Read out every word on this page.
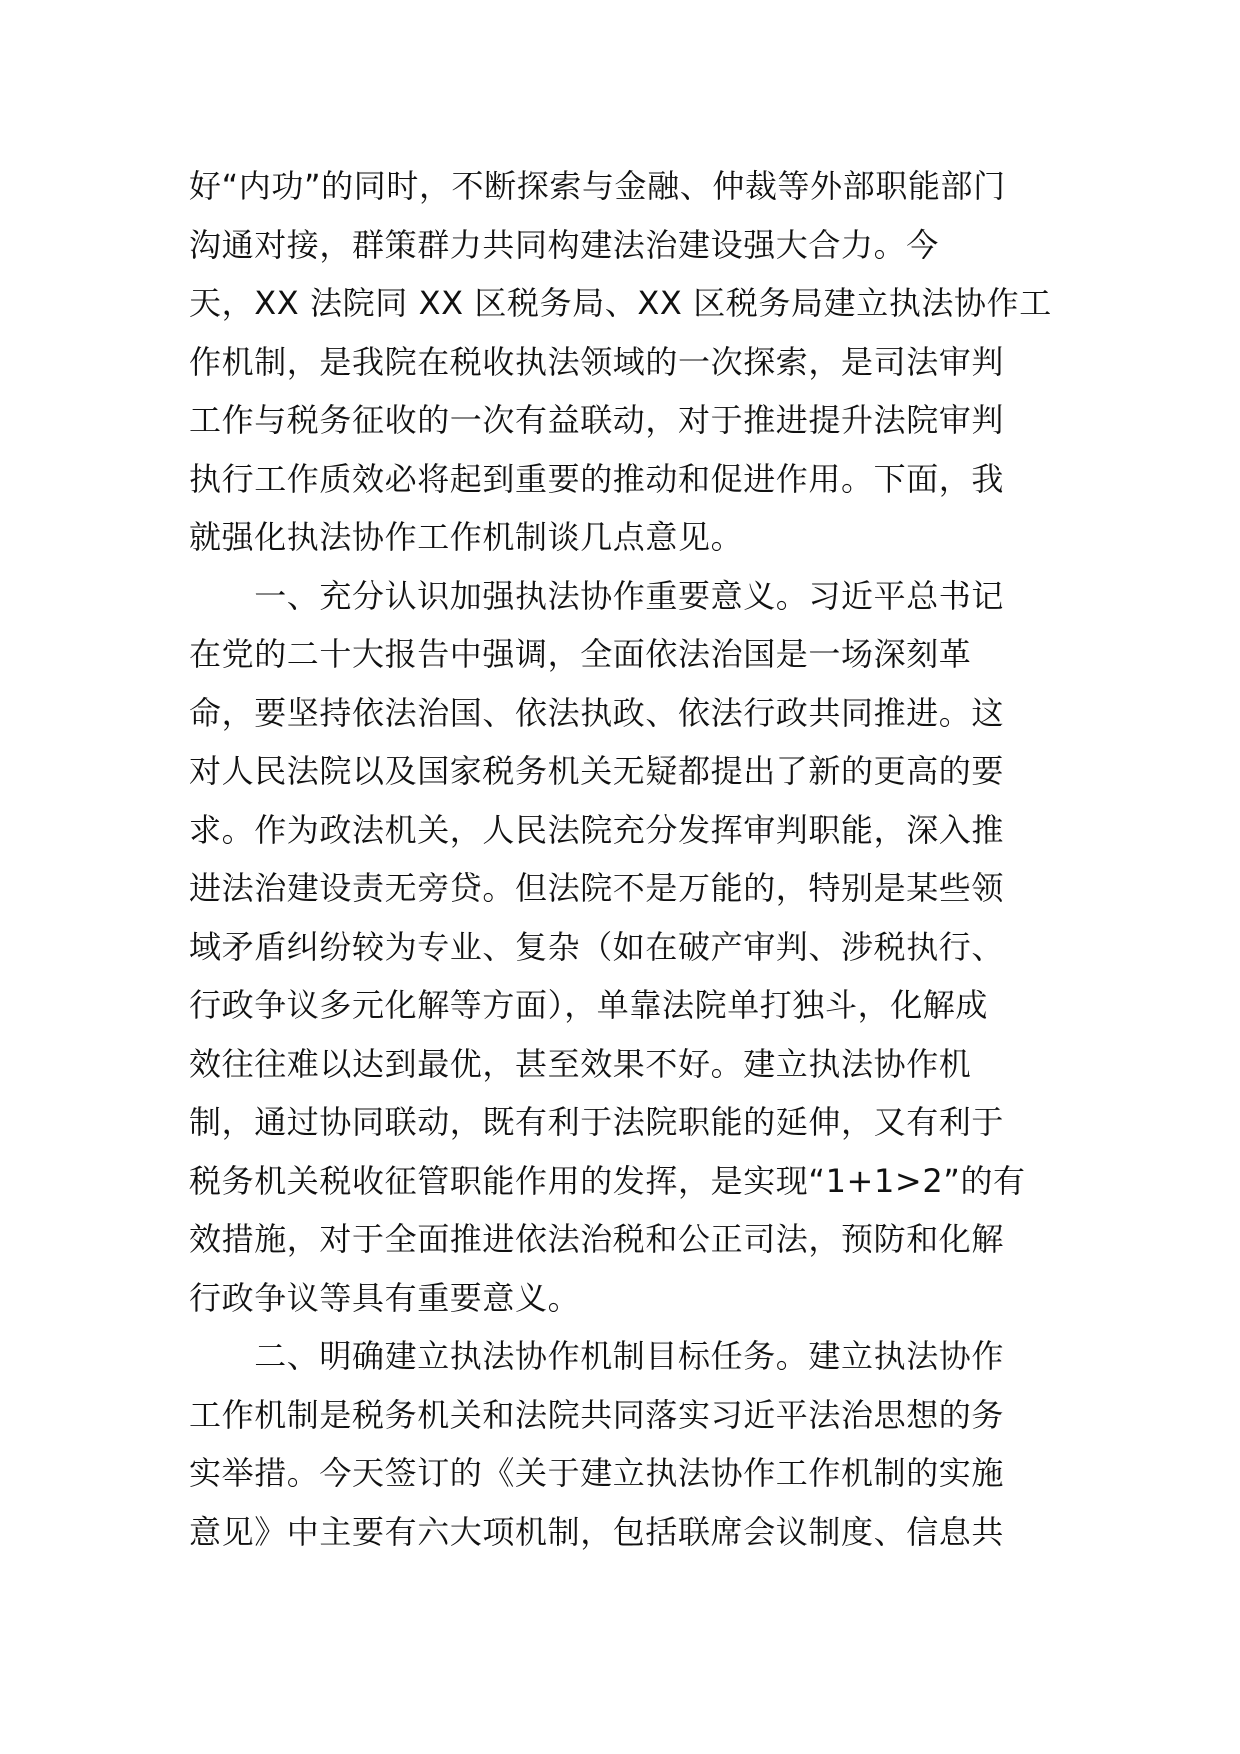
好“内功”的同时，不断探索与金融、仲裁等外部职能部门
沟通对接，群策群力共同构建法治建设强大合力。今
天，XX 法院同 XX 区税务局、XX 区税务局建立执法协作工
作机制，是我院在税收执法领域的一次探索，是司法审判
工作与税务征收的一次有益联动，对于推进提升法院审判
执行工作质效必将起到重要的推动和促进作用。下面，我
就强化执法协作工作机制谈几点意见。
　　一、充分认识加强执法协作重要意义。习近平总书记
在党的二十大报告中强调，全面依法治国是一场深刻革
命，要坚持依法治国、依法执政、依法行政共同推进。这
对人民法院以及国家税务机关无疑都提出了新的更高的要
求。作为政法机关，人民法院充分发挥审判职能，深入推
进法治建设责无旁贷。但法院不是万能的，特别是某些领
域矛盾纠纷较为专业、复杂（如在破产审判、涉税执行、
行政争议多元化解等方面），单靠法院单打独斗，化解成
效往往难以达到最优，甚至效果不好。建立执法协作机
制，通过协同联动，既有利于法院职能的延伸，又有利于
税务机关税收征管职能作用的发挥，是实现“1+1>2”的有
效措施，对于全面推进依法治税和公正司法，预防和化解
行政争议等具有重要意义。
　　二、明确建立执法协作机制目标任务。建立执法协作
工作机制是税务机关和法院共同落实习近平法治思想的务
实举措。今天签订的《关于建立执法协作工作机制的实施
意见》中主要有六大项机制，包括联席会议制度、信息共
